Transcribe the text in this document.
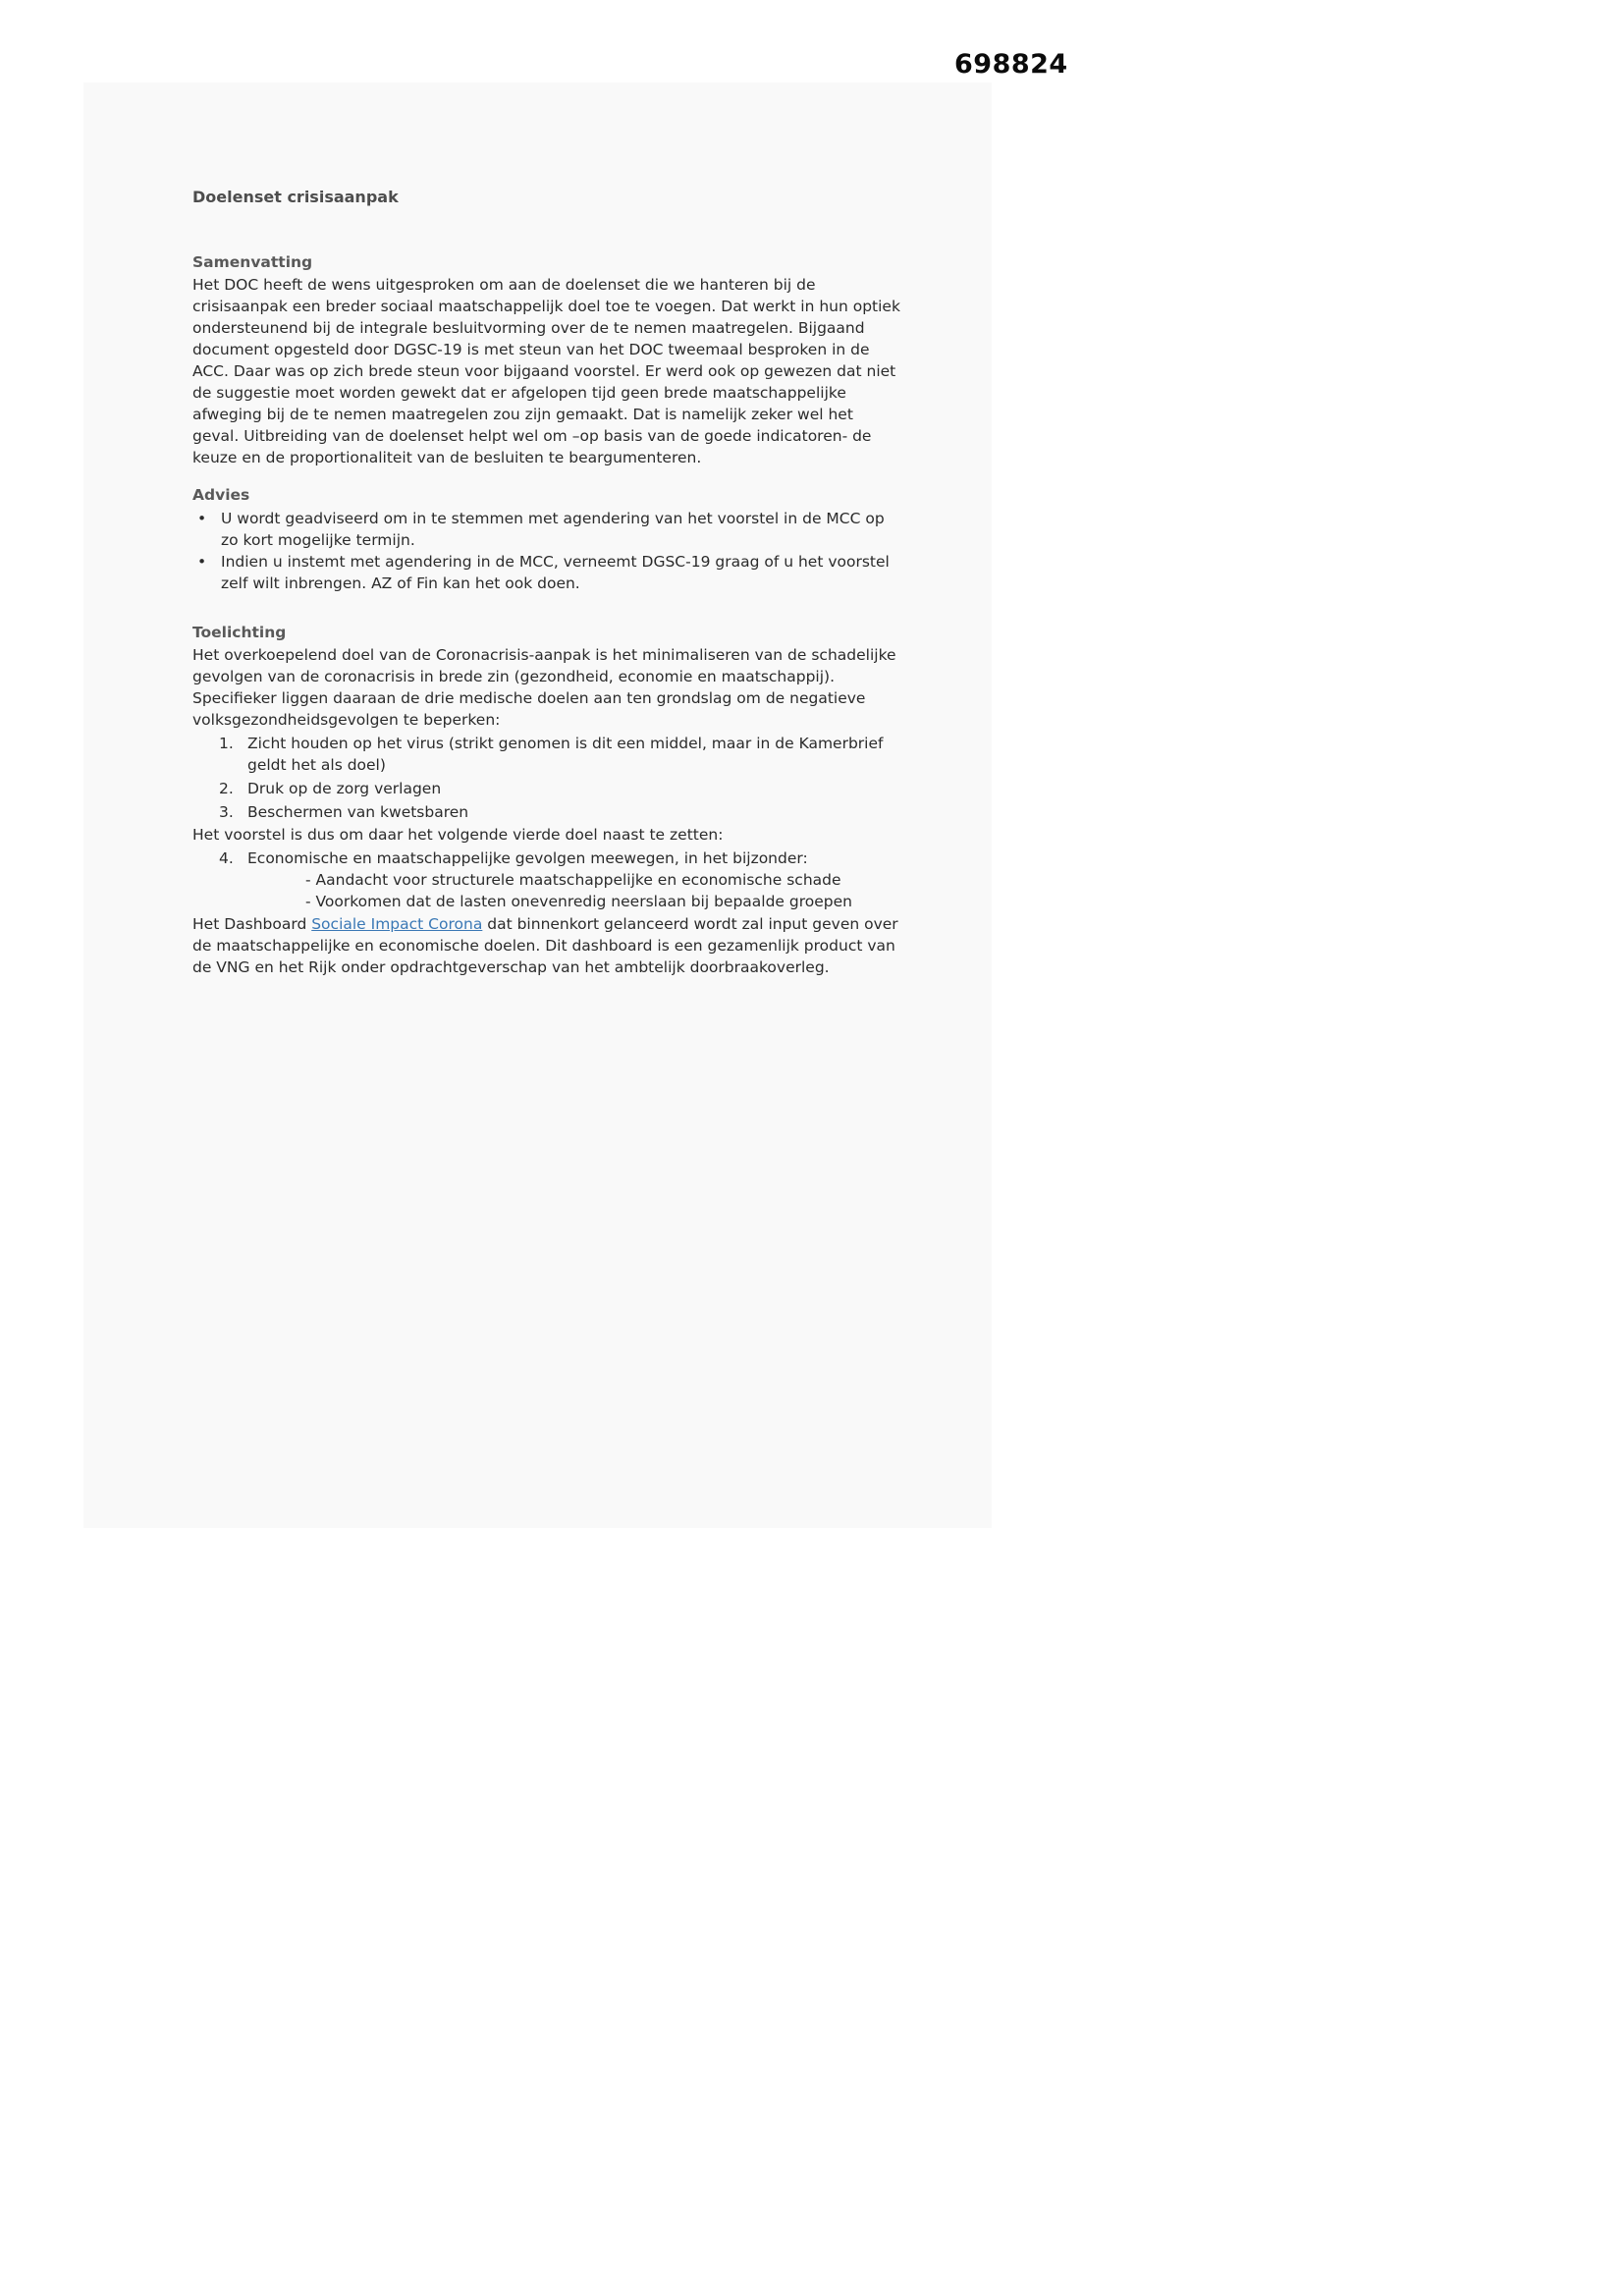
698824
Doelenset crisisaanpak
Samenvatting

Het DOC heeft de wens uitgesproken om aan de doelenset die we hanteren bij de crisisaanpak een breder sociaal maatschappelijk doel toe te voegen. Dat werkt in hun optiek ondersteunend bij de integrale besluitvorming over de te nemen maatregelen. Bijgaand document opgesteld door DGSC-19 is met steun van het DOC tweemaal besproken in de ACC. Daar was op zich brede steun voor bijgaand voorstel. Er werd ook op gewezen dat niet de suggestie moet worden gewekt dat er afgelopen tijd geen brede maatschappelijke afweging bij de te nemen maatregelen zou zijn gemaakt. Dat is namelijk zeker wel het geval. Uitbreiding van de doelenset helpt wel om –op basis van de goede indicatoren- de keuze en de proportionaliteit van de besluiten te beargumenteren.

Advies
• U wordt geadviseerd om in te stemmen met agendering van het voorstel in de MCC op zo kort mogelijke termijn.
• Indien u instemt met agendering in de MCC, verneemt DGSC-19 graag of u het voorstel zelf wilt inbrengen. AZ of Fin kan het ook doen.
Toelichting

Het overkoepelend doel van de Coronacrisis-aanpak is het minimaliseren van de schadelijke gevolgen van de coronacrisis in brede zin (gezondheid, economie en maatschappij). Specifieker liggen daaraan de drie medische doelen aan ten grondslag om de negatieve volksgezondheidsgevolgen te beperken:

1. Zicht houden op het virus (strikt genomen is dit een middel, maar in de Kamerbrief geldt het als doel)
2. Druk op de zorg verlagen
3. Beschermen van kwetsbaren

Het voorstel is dus om daar het volgende vierde doel naast te zetten:

4. Economische en maatschappelijke gevolgen meewegen, in het bijzonder:
- Aandacht voor structurele maatschappelijke en economische schade
- Voorkomen dat de lasten onevenredig neerslaan bij bepaalde groepen

Het Dashboard Sociale Impact Corona dat binnenkort gelanceerd wordt zal input geven over de maatschappelijke en economische doelen. Dit dashboard is een gezamenlijk product van de VNG en het Rijk onder opdrachtgeverschap van het ambtelijk doorbraakoverleg.
